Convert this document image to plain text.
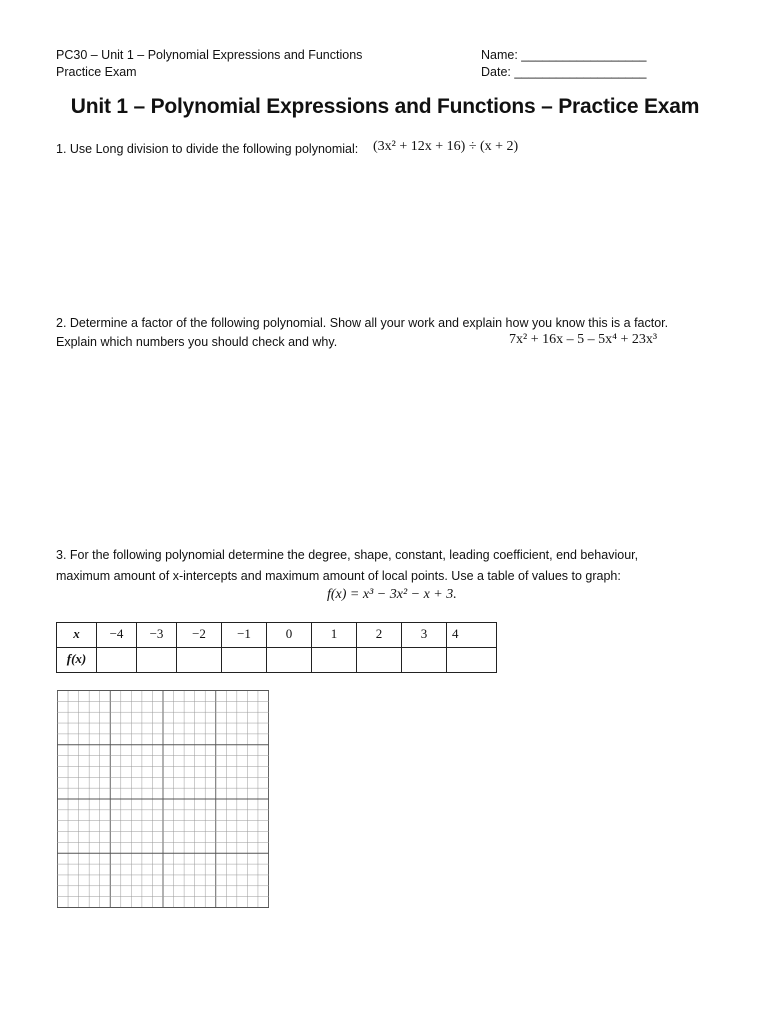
PC30 – Unit 1 – Polynomial Expressions and Functions
Practice Exam
Name: __________________
Date: ___________________
Unit 1 – Polynomial Expressions and Functions – Practice Exam
1. Use Long division to divide the following polynomial: (3x² + 12x + 16) ÷ (x + 2)
2. Determine a factor of the following polynomial. Show all your work and explain how you know this is a factor.
Explain which numbers you should check and why.	7x² + 16x – 5 – 5x⁴ + 23x³
3. For the following polynomial determine the degree, shape, constant, leading coefficient, end behaviour,
maximum amount of x-intercepts and maximum amount of local points. Use a table of values to graph:
f(x) = x³ − 3x² − x + 3.
x	−4	−3	−2	−1	0	1	2	3	4
f(x)									
